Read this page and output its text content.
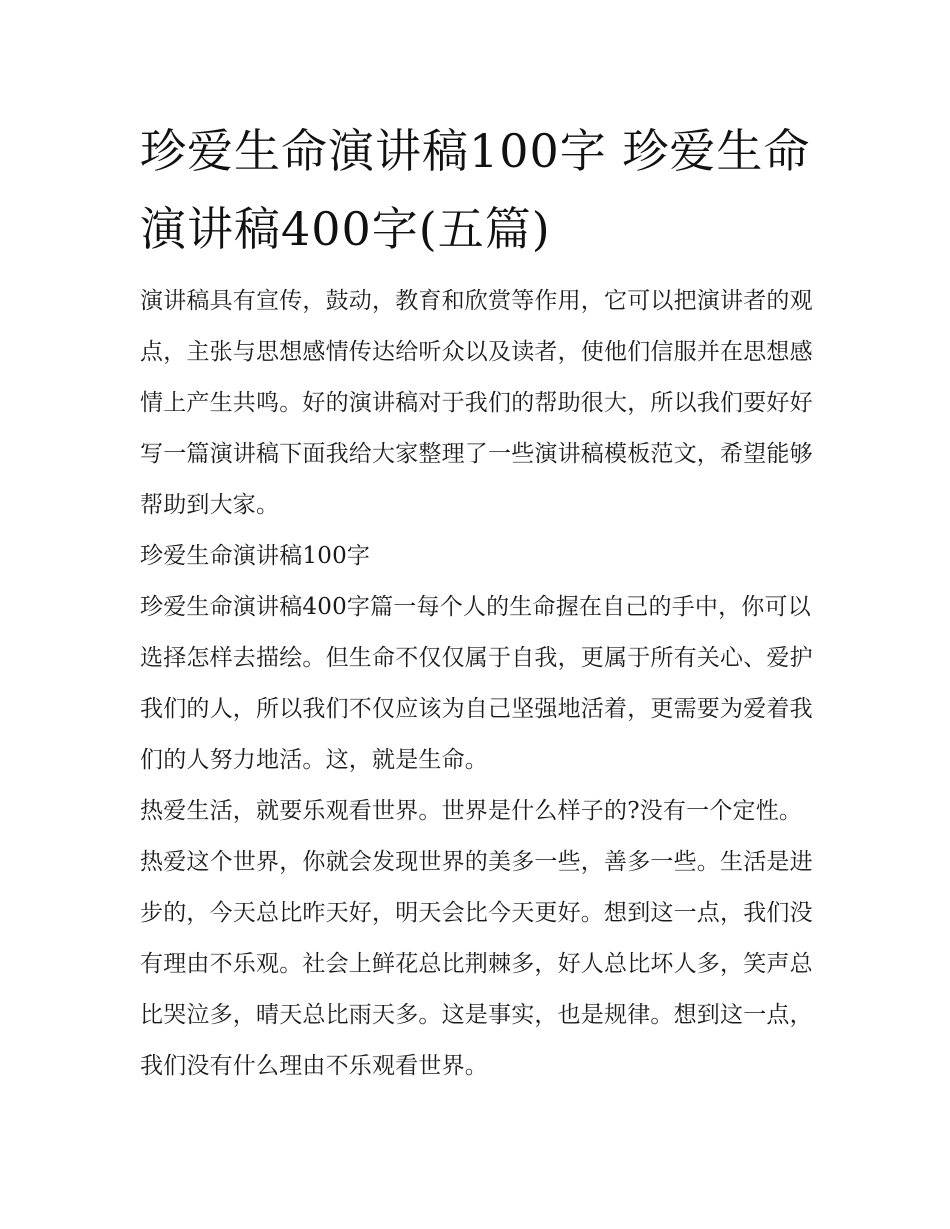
珍爱生命演讲稿100字 珍爱生命演讲稿400字(五篇)

演讲稿具有宣传，鼓动，教育和欣赏等作用，它可以把演讲者的观点，主张与思想感情传达给听众以及读者，使他们信服并在思想感情上产生共鸣。好的演讲稿对于我们的帮助很大，所以我们要好好写一篇演讲稿下面我给大家整理了一些演讲稿模板范文，希望能够帮助到大家。

珍爱生命演讲稿100字

珍爱生命演讲稿400字篇一每个人的生命握在自己的手中，你可以选择怎样去描绘。但生命不仅仅属于自我，更属于所有关心、爱护我们的人，所以我们不仅应该为自己坚强地活着，更需要为爱着我们的人努力地活。这，就是生命。

热爱生活，就要乐观看世界。世界是什么样子的?没有一个定性。热爱这个世界，你就会发现世界的美多一些，善多一些。生活是进步的，今天总比昨天好，明天会比今天更好。想到这一点，我们没有理由不乐观。社会上鲜花总比荆棘多，好人总比坏人多，笑声总比哭泣多，晴天总比雨天多。这是事实，也是规律。想到这一点，我们没有什么理由不乐观看世界。
